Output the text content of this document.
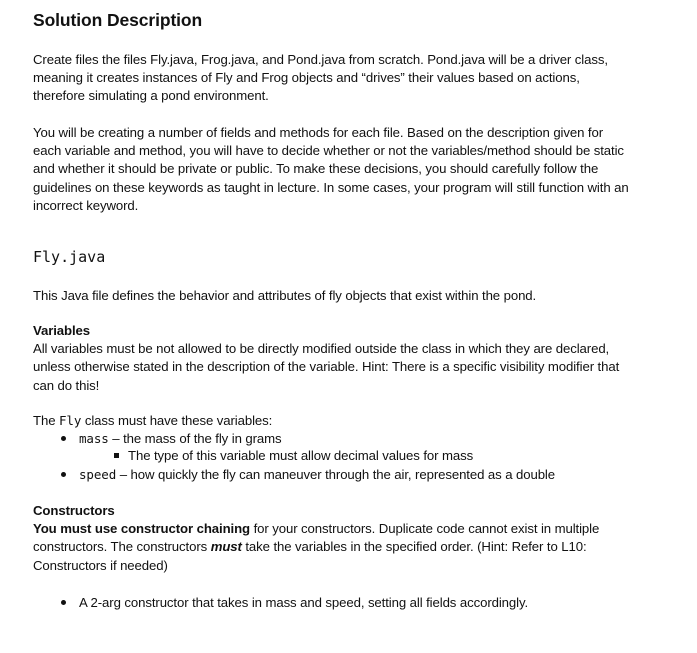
Solution Description
Create files the files Fly.java, Frog.java, and Pond.java from scratch. Pond.java will be a driver class,
meaning it creates instances of Fly and Frog objects and “drives” their values based on actions,
therefore simulating a pond environment.
You will be creating a number of fields and methods for each file. Based on the description given for
each variable and method, you will have to decide whether or not the variables/method should be static
and whether it should be private or public. To make these decisions, you should carefully follow the
guidelines on these keywords as taught in lecture. In some cases, your program will still function with an
incorrect keyword.
Fly.java
This Java file defines the behavior and attributes of fly objects that exist within the pond.
Variables
All variables must be not allowed to be directly modified outside the class in which they are declared,
unless otherwise stated in the description of the variable. Hint: There is a specific visibility modifier that
can do this!
The Fly class must have these variables:
mass – the mass of the fly in grams
The type of this variable must allow decimal values for mass
speed – how quickly the fly can maneuver through the air, represented as a double
Constructors
You must use constructor chaining for your constructors. Duplicate code cannot exist in multiple
constructors. The constructors must take the variables in the specified order. (Hint: Refer to L10:
Constructors if needed)
A 2-arg constructor that takes in mass and speed, setting all fields accordingly.
